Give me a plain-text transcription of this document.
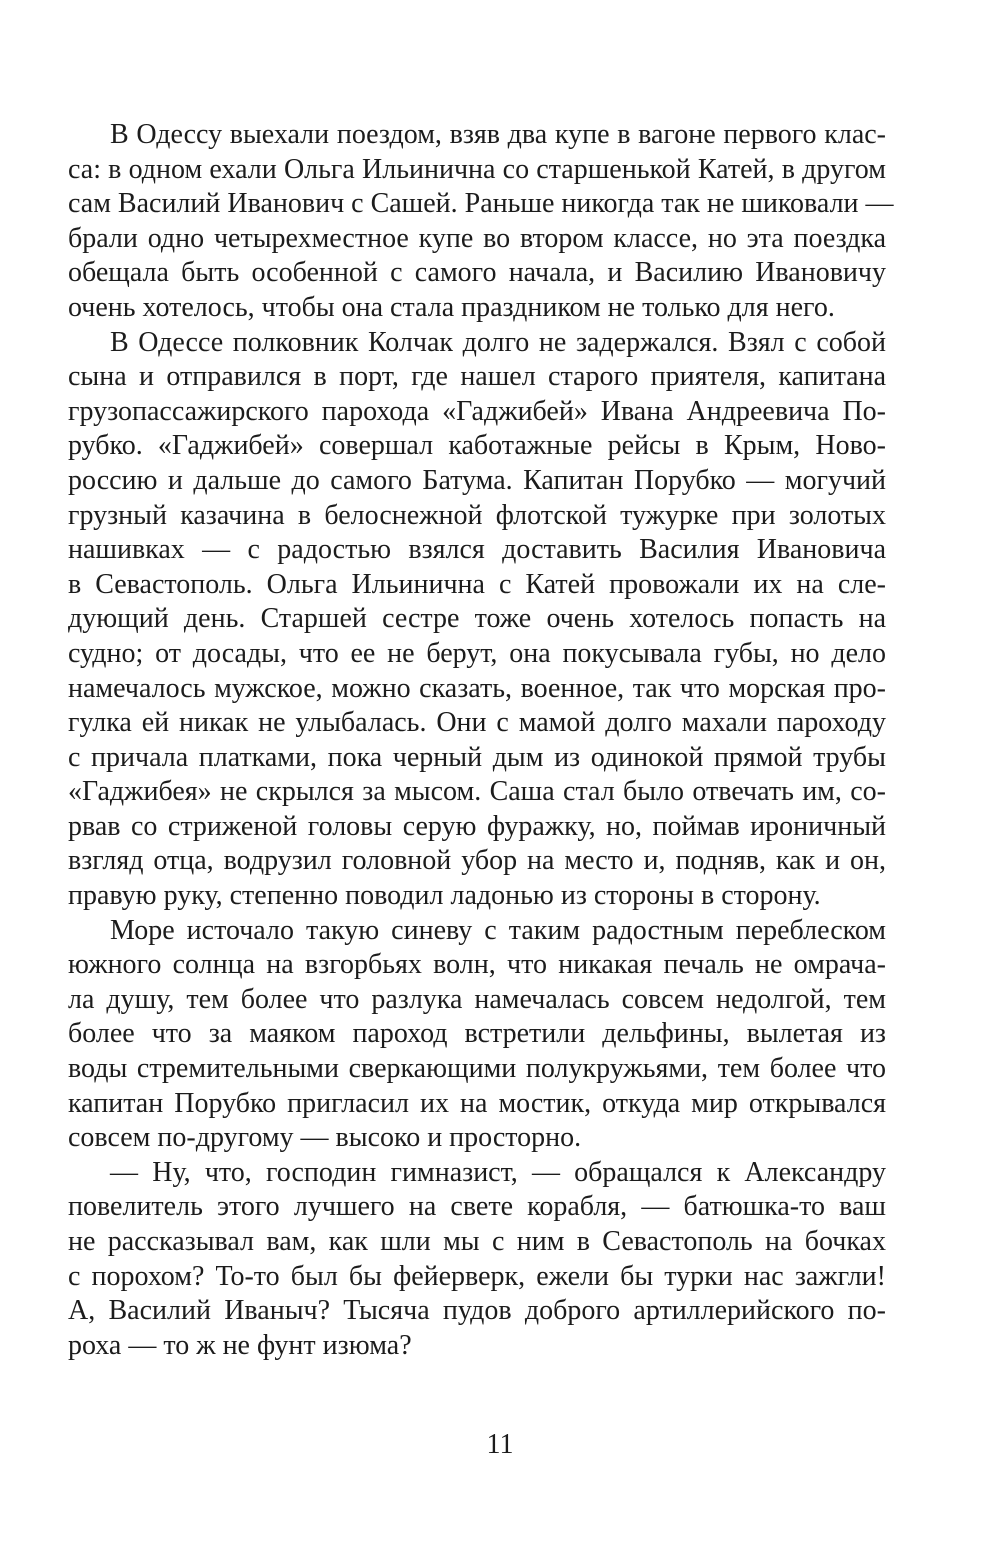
В Одессу выехали поездом, взяв два купе в вагоне первого клас-
са: в одном ехали Ольга Ильинична со старшенькой Катей, в другом
сам Василий Иванович с Сашей. Раньше никогда так не шиковали —
брали одно четырехместное купе во втором классе, но эта поездка
обещала быть особенной с самого начала, и Василию Ивановичу
очень хотелось, чтобы она стала праздником не только для него.
В Одессе полковник Колчак долго не задержался. Взял с собой
сына и отправился в порт, где нашел старого приятеля, капитана
грузопассажирского парохода «Гаджибей» Ивана Андреевича По-
рубко. «Гаджибей» совершал каботажные рейсы в Крым, Ново-
россию и дальше до самого Батума. Капитан Порубко — могучий
грузный казачина в белоснежной флотской тужурке при золотых
нашивках — с радостью взялся доставить Василия Ивановича
в Севастополь. Ольга Ильинична с Катей провожали их на сле-
дующий день. Старшей сестре тоже очень хотелось попасть на
судно; от досады, что ее не берут, она покусывала губы, но дело
намечалось мужское, можно сказать, военное, так что морская про-
гулка ей никак не улыбалась. Они с мамой долго махали пароходу
с причала платками, пока черный дым из одинокой прямой трубы
«Гаджибея» не скрылся за мысом. Саша стал было отвечать им, со-
рвав со стриженой головы серую фуражку, но, поймав ироничный
взгляд отца, водрузил головной убор на место и, подняв, как и он,
правую руку, степенно поводил ладонью из стороны в сторону.
Море источало такую синеву с таким радостным переблеском
южного солнца на взгорбьях волн, что никакая печаль не омрача-
ла душу, тем более что разлука намечалась совсем недолгой, тем
более что за маяком пароход встретили дельфины, вылетая из
воды стремительными сверкающими полукружьями, тем более что
капитан Порубко пригласил их на мостик, откуда мир открывался
совсем по-другому — высоко и просторно.
— Ну, что, господин гимназист, — обращался к Александру
повелитель этого лучшего на свете корабля, — батюшка-то ваш
не рассказывал вам, как шли мы с ним в Севастополь на бочках
с порохом? То-то был бы фейерверк, ежели бы турки нас зажгли!
А, Василий Иваныч? Тысяча пудов доброго артиллерийского по-
роха — то ж не фунт изюма?
11
